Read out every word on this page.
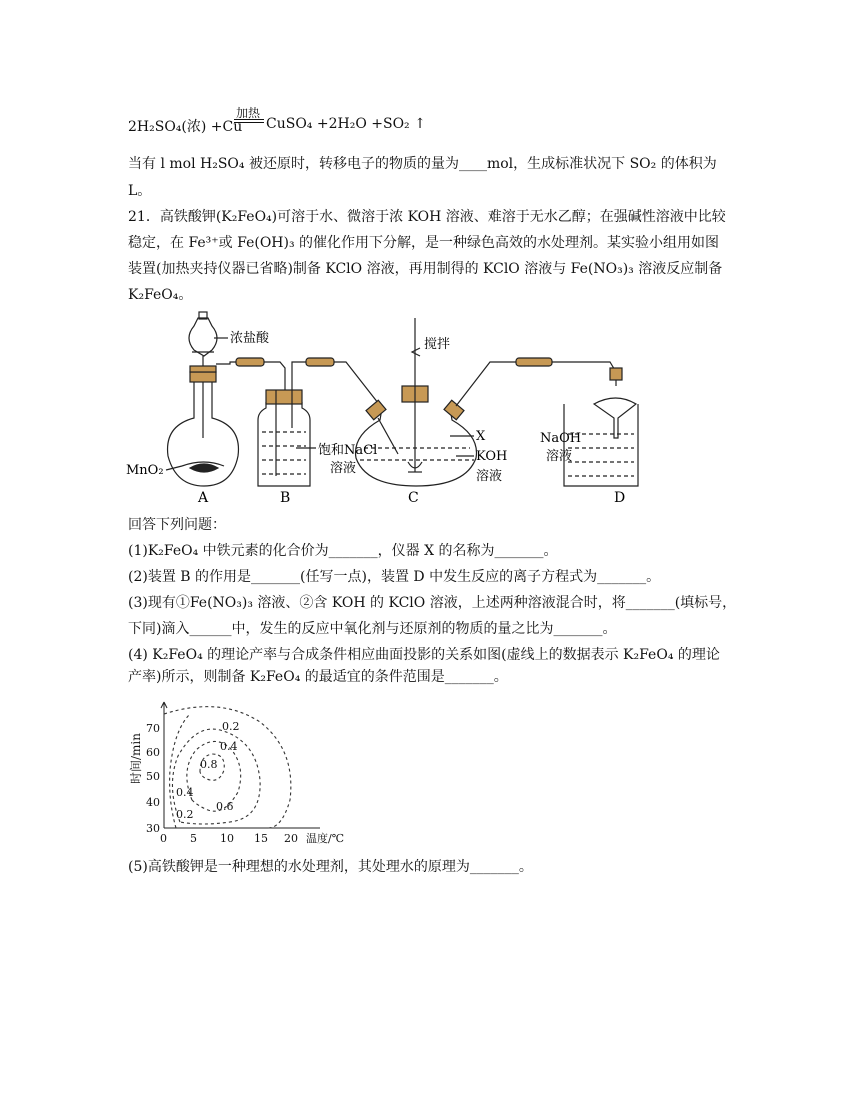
加热
2H₂SO₄(浓) +Cu CuSO₄ +2H₂O +SO₂ ↑
当有 l mol H₂SO₄ 被还原时，转移电子的物质的量为____mol，生成标准状况下 SO₂ 的体积为
L。
21．高铁酸钾(K₂FeO₄)可溶于水、微溶于浓 KOH 溶液、难溶于无水乙醇；在强碱性溶液中比较
稳定，在 Fe³⁺或 Fe(OH)₃ 的催化作用下分解，是一种绿色高效的水处理剂。某实验小组用如图
装置(加热夹持仪器已省略)制备 KClO 溶液，再用制得的 KClO 溶液与 Fe(NO₃)₃ 溶液反应制备
K₂FeO₄。
浓盐酸
MnO₂
搅拌
饱和NaCl
溶液
X
KOH
溶液
NaOH
溶液
A	B	C	D
回答下列问题：
(1)K₂FeO₄ 中铁元素的化合价为_______，仪器 X 的名称为_______。
(2)装置 B 的作用是_______(任写一点)，装置 D 中发生反应的离子方程式为_______。
(3)现有①Fe(NO₃)₃ 溶液、②含 KOH 的 KClO 溶液，上述两种溶液混合时，将_______(填标号，
下同)滴入______中，发生的反应中氧化剂与还原剂的物质的量之比为_______。
(4) K₂FeO₄ 的理论产率与合成条件相应曲面投影的关系如图(虚线上的数据表示 K₂FeO₄ 的理论
产率)所示，则制备 K₂FeO₄ 的最适宜的条件范围是_______。
30
40
50
60
70
0 5 10 15 20 温度/℃
0.2
0.4
0.8
0.4
0.6
0.2
时间/min
(5)高铁酸钾是一种理想的水处理剂，其处理水的原理为_______。
